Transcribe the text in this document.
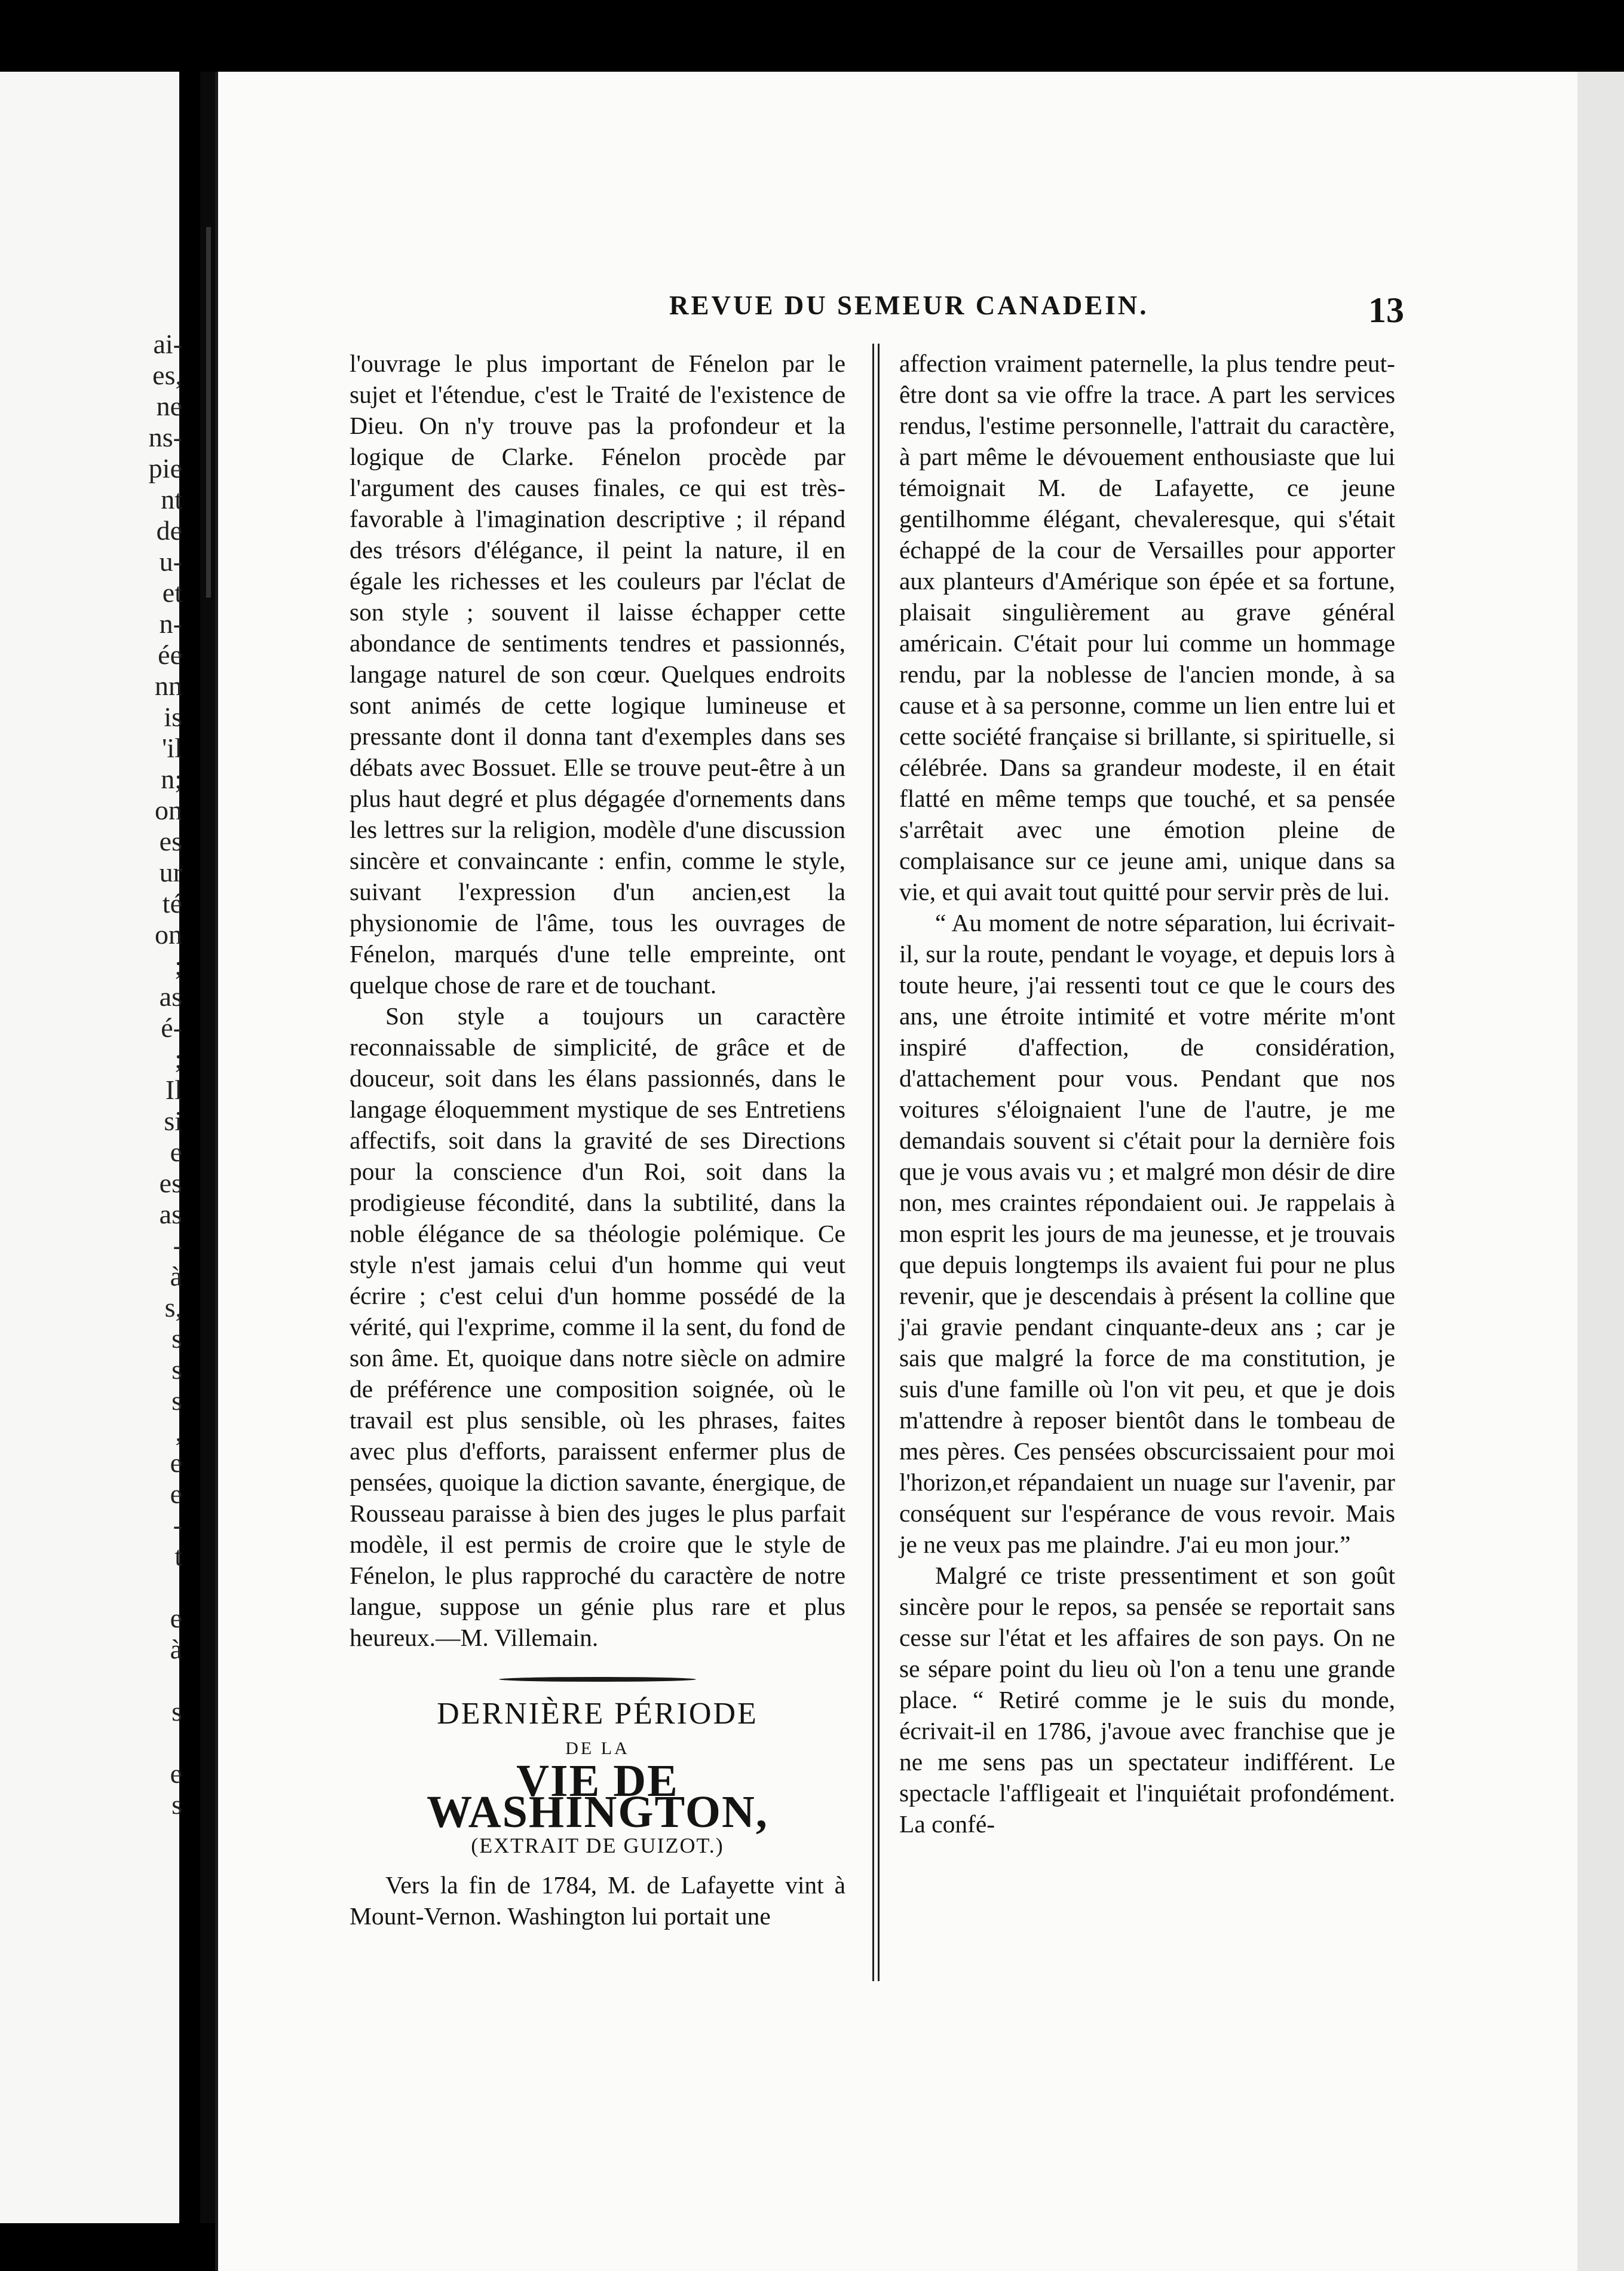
ai-
es,
ne
ns-
pie
nt
de
u-
et
n-
ée
nn
is
'il
n;
on
es
ur
té
on
;
as
é-
;
Il
si
e
es
as
-
à
s,
s
s
s
,
e
e
-
t
e
à
s
e
s
REVUE DU SEMEUR CANADEIN.	13

l'ouvrage le plus important de Fénelon par le sujet et l'étendue, c'est le Traité de l'existence de Dieu. On n'y trouve pas la profondeur et la logique de Clarke. Fénelon procède par l'argument des causes finales, ce qui est très-favorable à l'imagination descriptive ; il répand des trésors d'élégance, il peint la nature, il en égale les richesses et les couleurs par l'éclat de son style ; souvent il laisse échapper cette abondance de sentiments tendres et passionnés, langage naturel de son cœur. Quelques endroits sont animés de cette logique lumineuse et pressante dont il donna tant d'exemples dans ses débats avec Bossuet. Elle se trouve peut-être à un plus haut degré et plus dégagée d'ornements dans les lettres sur la religion, modèle d'une discussion sincère et convaincante : enfin, comme le style, suivant l'expression d'un ancien,est la physionomie de l'âme, tous les ouvrages de Fénelon, marqués d'une telle empreinte, ont quelque chose de rare et de touchant.

Son style a toujours un caractère reconnaissable de simplicité, de grâce et de douceur, soit dans les élans passionnés, dans le langage éloquemment mystique de ses Entretiens affectifs, soit dans la gravité de ses Directions pour la conscience d'un Roi, soit dans la prodigieuse fécondité, dans la subtilité, dans la noble élégance de sa théologie polémique. Ce style n'est jamais celui d'un homme qui veut écrire ; c'est celui d'un homme possédé de la vérité, qui l'exprime, comme il la sent, du fond de son âme. Et, quoique dans notre siècle on admire de préférence une composition soignée, où le travail est plus sensible, où les phrases, faites avec plus d'efforts, paraissent enfermer plus de pensées, quoique la diction savante, énergique, de Rousseau paraisse à bien des juges le plus parfait modèle, il est permis de croire que le style de Fénelon, le plus rapproché du caractère de notre langue, suppose un génie plus rare et plus heureux.—M. Villemain.

DERNIÈRE PÉRIODE
DE LA
VIE DE WASHINGTON,
(EXTRAIT DE GUIZOT.)

Vers la fin de 1784, M. de Lafayette vint à Mount-Vernon. Washington lui portait une

affection vraiment paternelle, la plus tendre peut-être dont sa vie offre la trace. A part les services rendus, l'estime personnelle, l'attrait du caractère, à part même le dévouement enthousiaste que lui témoignait M. de Lafayette, ce jeune gentilhomme élégant, chevaleresque, qui s'était échappé de la cour de Versailles pour apporter aux planteurs d'Amérique son épée et sa fortune, plaisait singulièrement au grave général américain. C'était pour lui comme un hommage rendu, par la noblesse de l'ancien monde, à sa cause et à sa personne, comme un lien entre lui et cette société française si brillante, si spirituelle, si célébrée. Dans sa grandeur modeste, il en était flatté en même temps que touché, et sa pensée s'arrêtait avec une émotion pleine de complaisance sur ce jeune ami, unique dans sa vie, et qui avait tout quitté pour servir près de lui.

“ Au moment de notre séparation, lui écrivait-il, sur la route, pendant le voyage, et depuis lors à toute heure, j'ai ressenti tout ce que le cours des ans, une étroite intimité et votre mérite m'ont inspiré d'affection, de considération, d'attachement pour vous. Pendant que nos voitures s'éloignaient l'une de l'autre, je me demandais souvent si c'était pour la dernière fois que je vous avais vu ; et malgré mon désir de dire non, mes craintes répondaient oui. Je rappelais à mon esprit les jours de ma jeunesse, et je trouvais que depuis longtemps ils avaient fui pour ne plus revenir, que je descendais à présent la colline que j'ai gravie pendant cinquante-deux ans ; car je sais que malgré la force de ma constitution, je suis d'une famille où l'on vit peu, et que je dois m'attendre à reposer bientôt dans le tombeau de mes pères. Ces pensées obscurcissaient pour moi l'horizon,et répandaient un nuage sur l'avenir, par conséquent sur l'espérance de vous revoir. Mais je ne veux pas me plaindre. J'ai eu mon jour.”

Malgré ce triste pressentiment et son goût sincère pour le repos, sa pensée se reportait sans cesse sur l'état et les affaires de son pays. On ne se sépare point du lieu où l'on a tenu une grande place. “ Retiré comme je le suis du monde, écrivait-il en 1786, j'avoue avec franchise que je ne me sens pas un spectateur indifférent. Le spectacle l'affligeait et l'inquiétait profondément. La confé-
